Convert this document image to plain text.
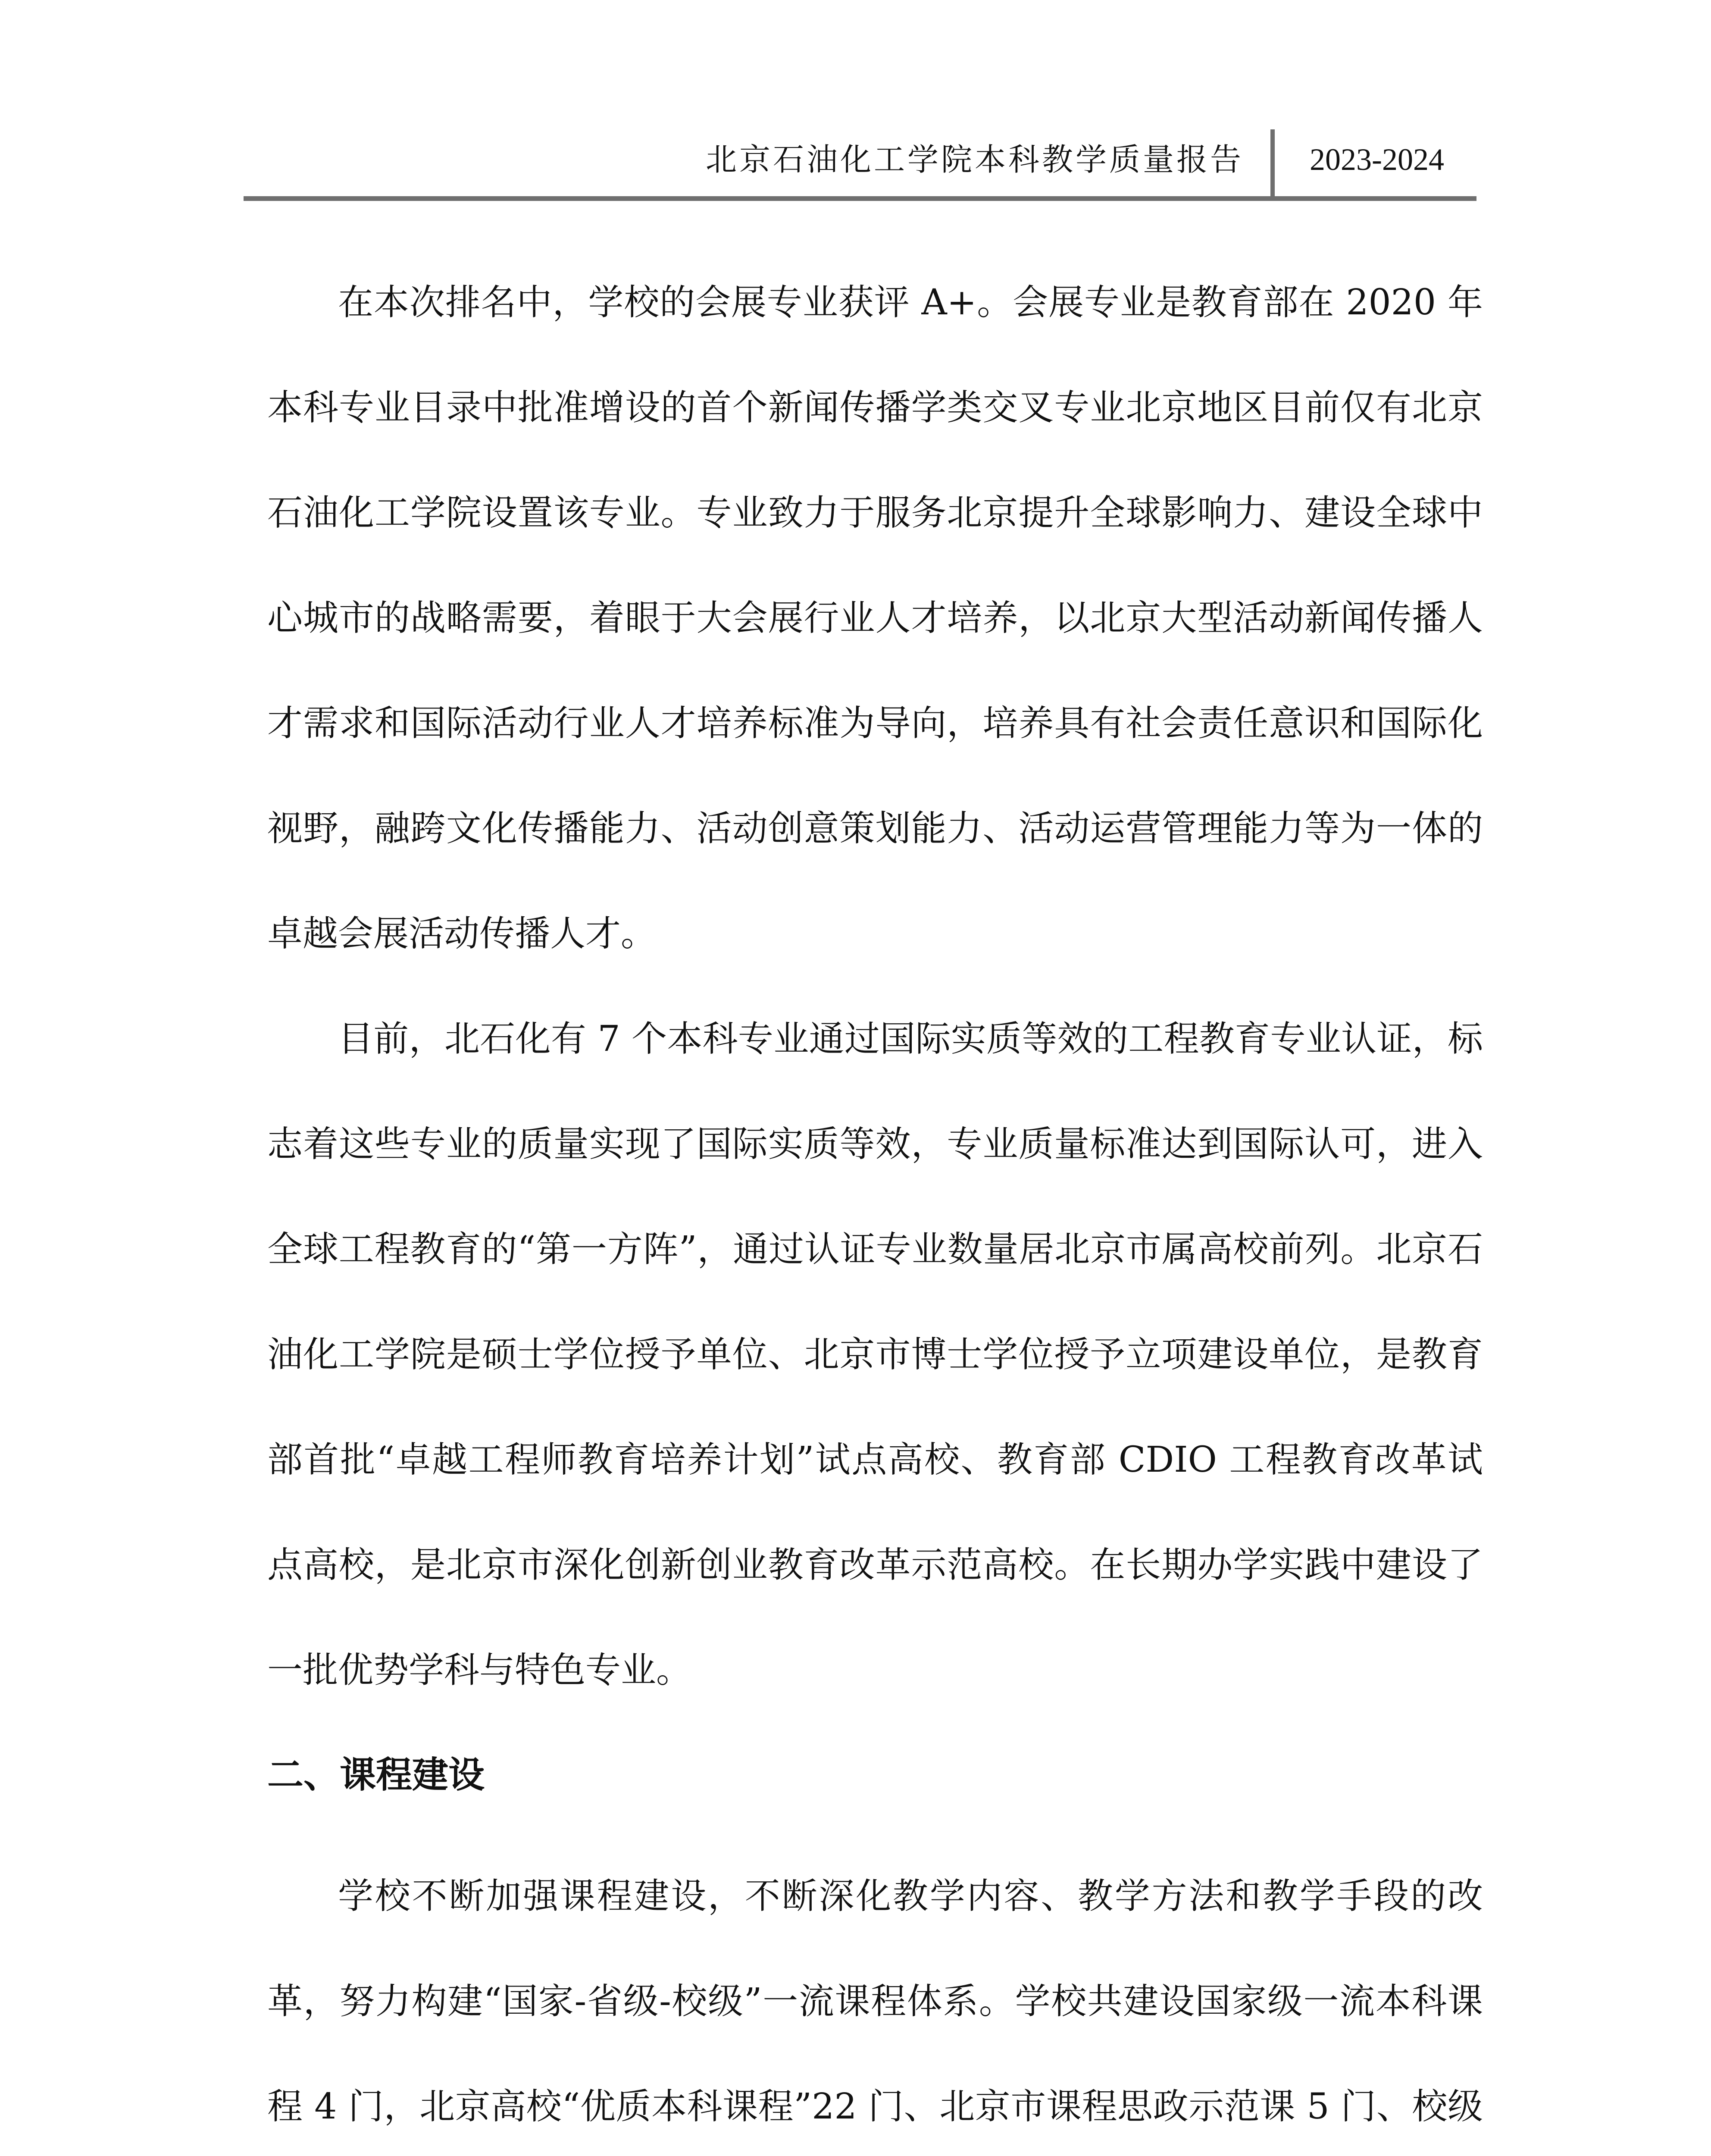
北京石油化工学院本科教学质量报告 2023-2024

在本次排名中，学校的会展专业获评 A+。会展专业是教育部在 2020 年本科专业目录中批准增设的首个新闻传播学类交叉专业北京地区目前仅有北京石油化工学院设置该专业。专业致力于服务北京提升全球影响力、建设全球中心城市的战略需要，着眼于大会展行业人才培养，以北京大型活动新闻传播人才需求和国际活动行业人才培养标准为导向，培养具有社会责任意识和国际化视野，融跨文化传播能力、活动创意策划能力、活动运营管理能力等为一体的卓越会展活动传播人才。

目前，北石化有 7 个本科专业通过国际实质等效的工程教育专业认证，标志着这些专业的质量实现了国际实质等效，专业质量标准达到国际认可，进入全球工程教育的“第一方阵”，通过认证专业数量居北京市属高校前列。北京石油化工学院是硕士学位授予单位、北京市博士学位授予立项建设单位，是教育部首批“卓越工程师教育培养计划”试点高校、教育部 CDIO 工程教育改革试点高校，是北京市深化创新创业教育改革示范高校。在长期办学实践中建设了一批优势学科与特色专业。

二、课程建设

学校不断加强课程建设，不断深化教学内容、教学方法和教学手段的改革，努力构建“国家-省级-校级”一流课程体系。学校共建设国家级一流本科课程 4 门，北京高校“优质本科课程”22 门、北京市课程思政示范课 5 门、校级
